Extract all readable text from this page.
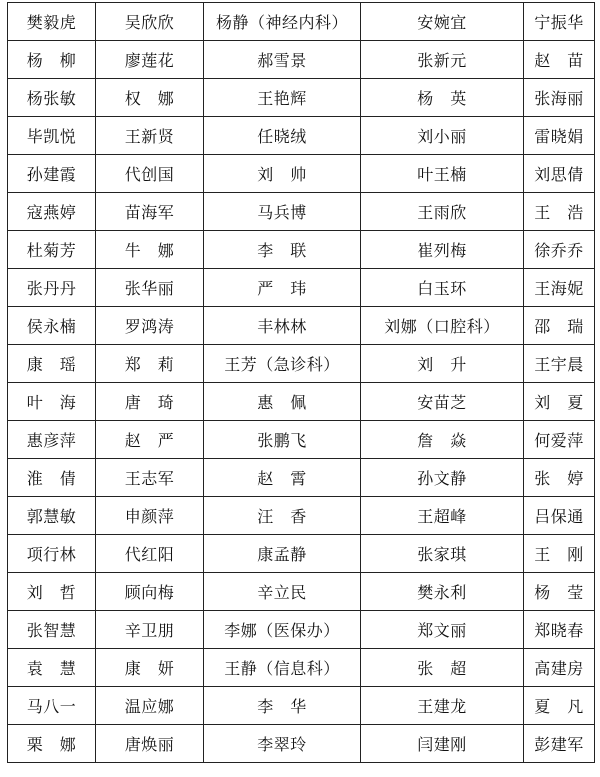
樊毅虎	吴欣欣	杨静（神经内科）	安婉宜	宁振华
杨　柳	廖莲花	郝雪景	张新元	赵　苗
杨张敏	权　娜	王艳辉	杨　英	张海丽
毕凯悦	王新贤	任晓绒	刘小丽	雷晓娟
孙建霞	代创国	刘　帅	叶王楠	刘思倩
寇燕婷	苗海军	马兵博	王雨欣	王　浩
杜菊芳	牛　娜	李　联	崔列梅	徐乔乔
张丹丹	张华丽	严　玮	白玉环	王海妮
侯永楠	罗鸿涛	丰林林	刘娜（口腔科）	邵　瑞
康　瑶	郑　莉	王芳（急诊科）	刘　升	王宇晨
叶　海	唐　琦	惠　佩	安苗芝	刘　夏
惠彦萍	赵　严	张鹏飞	詹　焱	何爱萍
淮　倩	王志军	赵　霄	孙文静	张　婷
郭慧敏	申颜萍	汪　香	王超峰	吕保通
项行林	代红阳	康孟静	张家琪	王　刚
刘　哲	顾向梅	辛立民	樊永利	杨　莹
张智慧	辛卫朋	李娜（医保办）	郑文丽	郑晓春
袁　慧	康　妍	王静（信息科）	张　超	高建房
马八一	温应娜	李　华	王建龙	夏　凡
栗　娜	唐焕丽	李翠玲	闫建刚	彭建军
